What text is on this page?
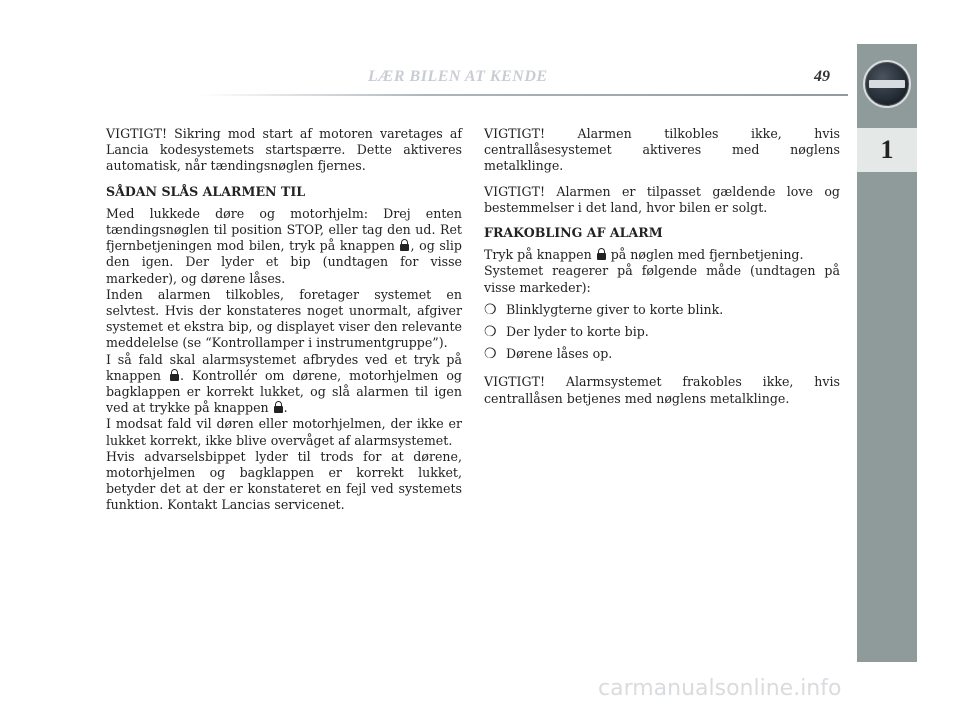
LÆR BILEN AT KENDE	49
1

VIGTIGT! Sikring mod start af motoren varetages af Lancia kodesystemets startspærre. Dette aktiveres automatisk, når tændingsnøglen fjernes.

SÅDAN SLÅS ALARMEN TIL

Med lukkede døre og motorhjelm: Drej enten tændingsnøglen til position STOP, eller tag den ud. Ret fjernbetjeningen mod bilen, tryk på knappen , og slip den igen. Der lyder et bip (undtagen for visse markeder), og dørene låses.

Inden alarmen tilkobles, foretager systemet en selvtest. Hvis der konstateres noget unormalt, afgiver systemet et ekstra bip, og displayet viser den relevante meddelelse (se “Kontrollamper i instrumentgruppe”).

I så fald skal alarmsystemet afbrydes ved et tryk på knappen . Kontrollér om dørene, motorhjelmen og bagklappen er korrekt lukket, og slå alarmen til igen ved at trykke på knappen .

I modsat fald vil døren eller motorhjelmen, der ikke er lukket korrekt, ikke blive overvåget af alarmsystemet.

Hvis advarselsbippet lyder til trods for at dørene, motorhjelmen og bagklappen er korrekt lukket, betyder det at der er konstateret en fejl ved systemets funktion. Kontakt Lancias servicenet.

VIGTIGT! Alarmen tilkobles ikke, hvis centrallåsesystemet aktiveres med nøglens metalklinge.

VIGTIGT! Alarmen er tilpasset gældende love og bestemmelser i det land, hvor bilen er solgt.

FRAKOBLING AF ALARM

Tryk på knappen på nøglen med fjernbetjening.

Systemet reagerer på følgende måde (undtagen på visse markeder):

❍ Blinklygterne giver to korte blink.
❍ Der lyder to korte bip.
❍ Dørene låses op.

VIGTIGT! Alarmsystemet frakobles ikke, hvis centrallåsen betjenes med nøglens metalklinge.

carmanualsonline.info
